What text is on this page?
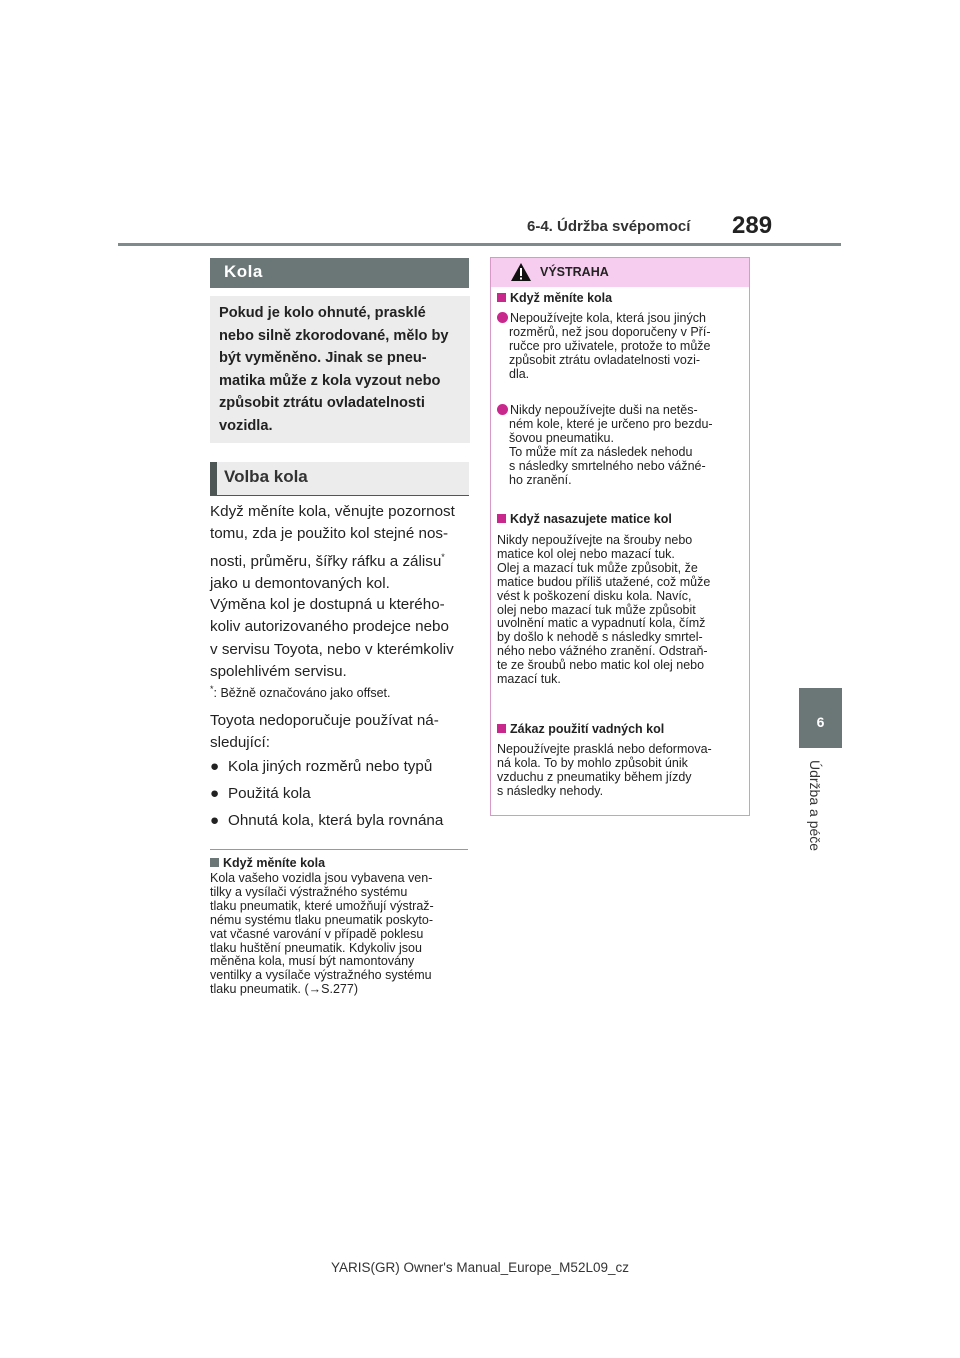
6-4. Údržba svépomocí 289
6
Údržba a péče
Kola
Pokud je kolo ohnuté, prasklé
nebo silně zkorodované, mělo by
být vyměněno. Jinak se pneu-
matika může z kola vyzout nebo
způsobit ztrátu ovladatelnosti
vozidla.
Volba kola
Když měníte kola, věnujte pozornost
tomu, zda je použito kol stejné nos-
nosti, průměru, šířky ráfku a zálisu*
jako u demontovaných kol.
Výměna kol je dostupná u kterého-
koliv autorizovaného prodejce nebo
v servisu Toyota, nebo v kterémkoliv
spolehlivém servisu.
*: Běžně označováno jako offset.
Toyota nedoporučuje používat ná-
sledující:
● Kola jiných rozměrů nebo typů
● Použitá kola
● Ohnutá kola, která byla rovnána
Když měníte kola
Kola vašeho vozidla jsou vybavena ven-
tilky a vysílači výstražného systému
tlaku pneumatik, které umožňují výstraž-
nému systému tlaku pneumatik poskyto-
vat včasné varování v případě poklesu
tlaku huštění pneumatik. Kdykoliv jsou
měněna kola, musí být namontovány
ventilky a vysílače výstražného systému
tlaku pneumatik. (→S.277)
VÝSTRAHA
Když měníte kola
Nepoužívejte kola, která jsou jiných
rozměrů, než jsou doporučeny v Pří-
ručce pro uživatele, protože to může
způsobit ztrátu ovladatelnosti vozi-
dla.
Nikdy nepoužívejte duši na netěs-
ném kole, které je určeno pro bezdu-
šovou pneumatiku.
To může mít za následek nehodu
s následky smrtelného nebo vážné-
ho zranění.
Když nasazujete matice kol
Nikdy nepoužívejte na šrouby nebo
matice kol olej nebo mazací tuk.
Olej a mazací tuk může způsobit, že
matice budou příliš utažené, což může
vést k poškození disku kola. Navíc,
olej nebo mazací tuk může způsobit
uvolnění matic a vypadnutí kola, čímž
by došlo k nehodě s následky smrtel-
ného nebo vážného zranění. Odstraň-
te ze šroubů nebo matic kol olej nebo
mazací tuk.
Zákaz použití vadných kol
Nepoužívejte prasklá nebo deformova-
ná kola. To by mohlo způsobit únik
vzduchu z pneumatiky během jízdy
s následky nehody.
YARIS(GR) Owner's Manual_Europe_M52L09_cz
